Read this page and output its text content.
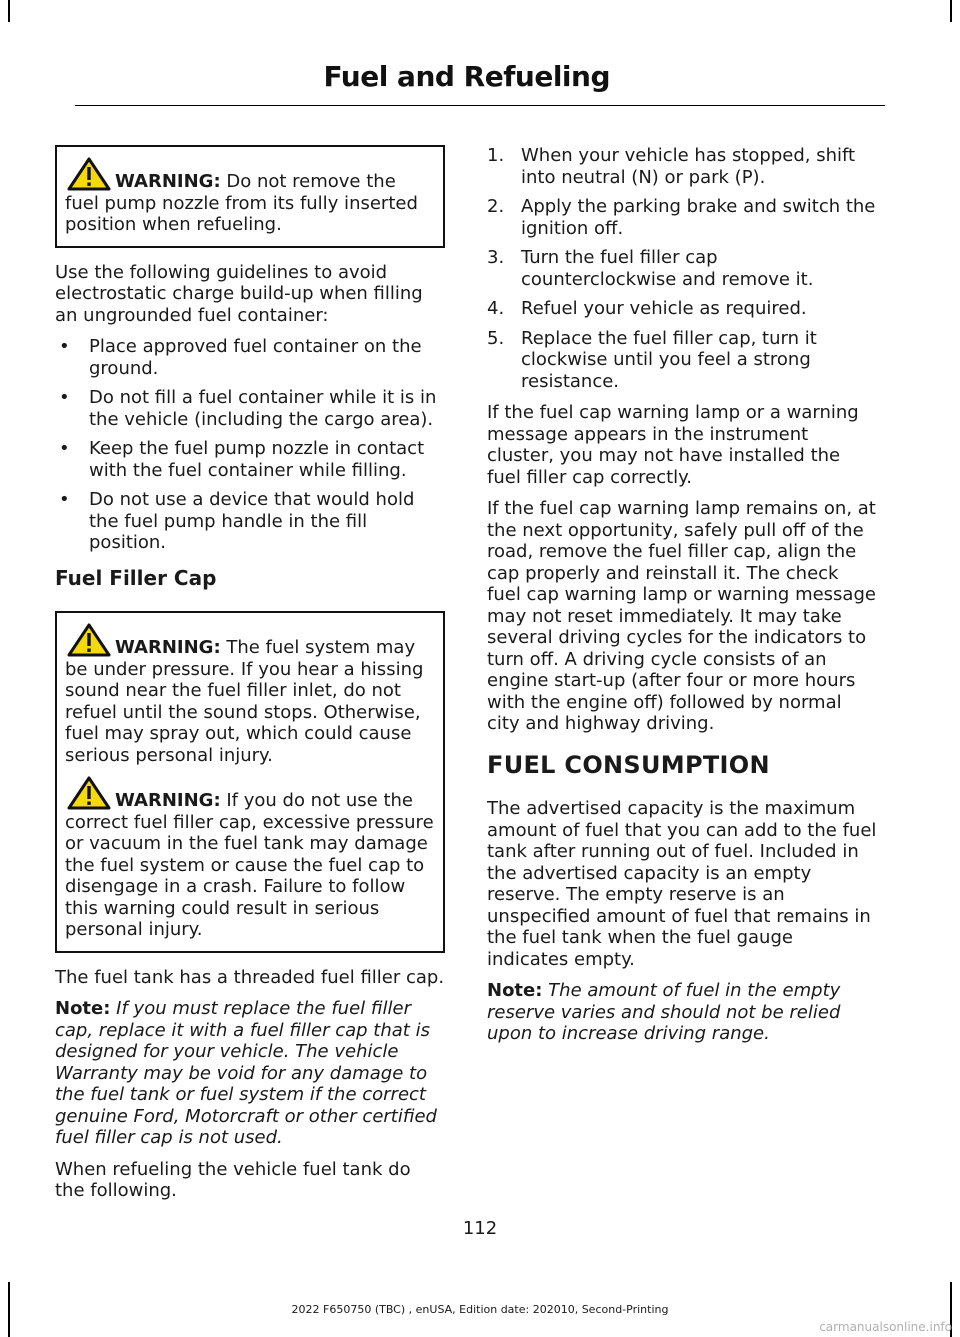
Fuel and Refueling

WARNING: Do not remove the fuel pump nozzle from its fully inserted position when refueling.

Use the following guidelines to avoid electrostatic charge build-up when filling an ungrounded fuel container:

• Place approved fuel container on the ground.
• Do not fill a fuel container while it is in the vehicle (including the cargo area).
• Keep the fuel pump nozzle in contact with the fuel container while filling.
• Do not use a device that would hold the fuel pump handle in the fill position.
Fuel Filler Cap

WARNING: The fuel system may be under pressure. If you hear a hissing sound near the fuel filler inlet, do not refuel until the sound stops. Otherwise, fuel may spray out, which could cause serious personal injury.

WARNING: If you do not use the correct fuel filler cap, excessive pressure or vacuum in the fuel tank may damage the fuel system or cause the fuel cap to disengage in a crash. Failure to follow this warning could result in serious personal injury.

The fuel tank has a threaded fuel filler cap.

Note: If you must replace the fuel filler cap, replace it with a fuel filler cap that is designed for your vehicle. The vehicle Warranty may be void for any damage to the fuel tank or fuel system if the correct genuine Ford, Motorcraft or other certified fuel filler cap is not used.

When refueling the vehicle fuel tank do the following.

1. When your vehicle has stopped, shift into neutral (N) or park (P).
2. Apply the parking brake and switch the ignition off.
3. Turn the fuel filler cap counterclockwise and remove it.
4. Refuel your vehicle as required.
5. Replace the fuel filler cap, turn it clockwise until you feel a strong resistance.

If the fuel cap warning lamp or a warning message appears in the instrument cluster, you may not have installed the fuel filler cap correctly.

If the fuel cap warning lamp remains on, at the next opportunity, safely pull off of the road, remove the fuel filler cap, align the cap properly and reinstall it. The check fuel cap warning lamp or warning message may not reset immediately. It may take several driving cycles for the indicators to turn off. A driving cycle consists of an engine start-up (after four or more hours with the engine off) followed by normal city and highway driving.

FUEL CONSUMPTION

The advertised capacity is the maximum amount of fuel that you can add to the fuel tank after running out of fuel. Included in the advertised capacity is an empty reserve. The empty reserve is an unspecified amount of fuel that remains in the fuel tank when the fuel gauge indicates empty.

Note: The amount of fuel in the empty reserve varies and should not be relied upon to increase driving range.

112
2022 F650750 (TBC) , enUSA, Edition date: 202010, Second-Printing
carmanualsonline.info
